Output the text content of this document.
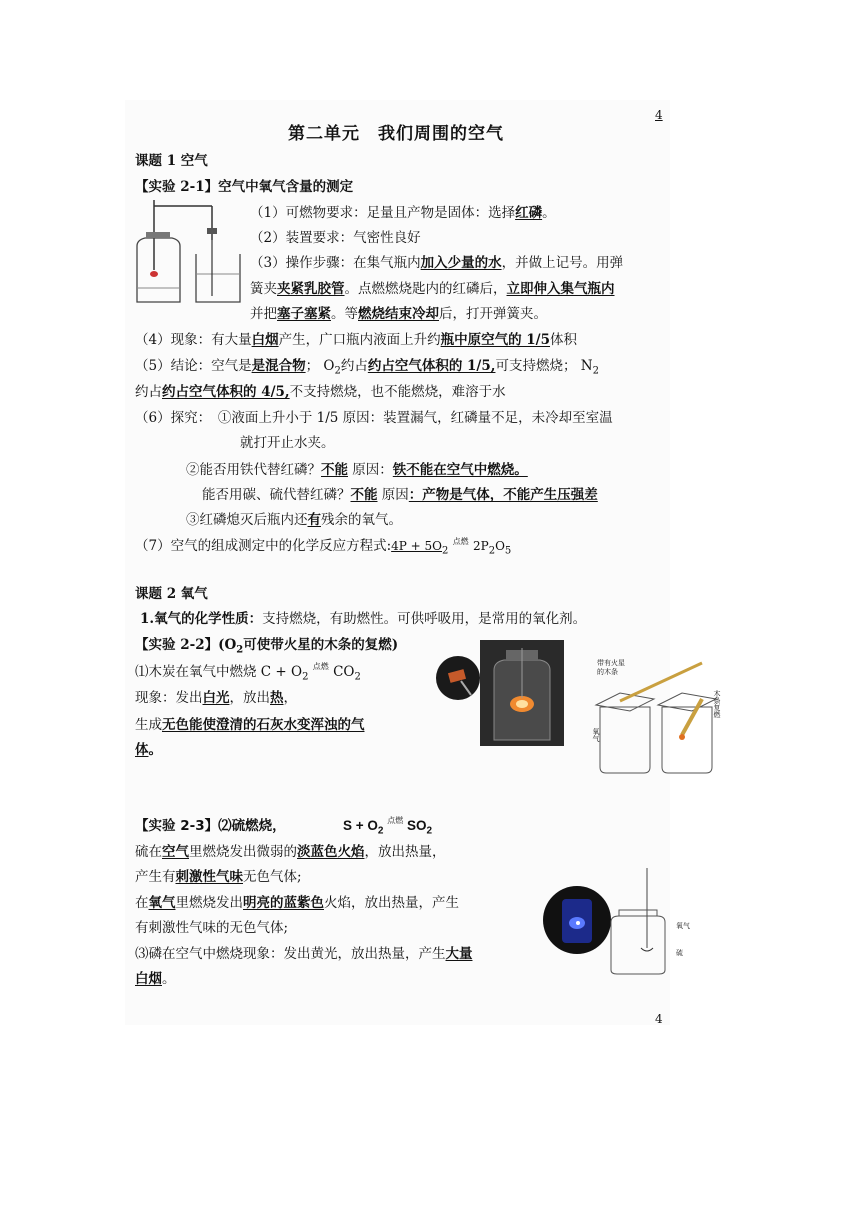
4
第二单元　我们周围的空气
课题 1 空气
【实验 2-1】空气中氧气含量的测定
（1）可燃物要求：足量且产物是固体：选择红磷。
（2）装置要求：气密性良好
（3）操作步骤：在集气瓶内加入少量的水，并做上记号。用弹
簧夹夹紧乳胶管。点燃燃烧匙内的红磷后，立即伸入集气瓶内
并把塞子塞紧。等燃烧结束冷却后，打开弹簧夹。
（4）现象：有大量白烟产生，广口瓶内液面上升约瓶中原空气的 1/5体积
（5）结论：空气是是混合物； $O_2$约占约占空气体积的 1/5,可支持燃烧； $N_2$
约占约占空气体积的 4/5,不支持燃烧，也不能燃烧，难溶于水
（6）探究：　①液面上升小于 1/5 原因：装置漏气，红磷量不足，未冷却至室温
就打开止水夹。
②能否用铁代替红磷？不能 原因：铁不能在空气中燃烧。
能否用碳、硫代替红磷？不能 原因：产物是气体，不能产生压强差
③红磷熄灭后瓶内还有残余的氧气。
（7）空气的组成测定中的化学反应方程式:4P + $5O_2$ 点燃 $2P_2O_5$
课题 2 氧气
1.氧气的化学性质：支持燃烧，有助燃性。可供呼吸用，是常用的氧化剂。
【实验 2-2】($O_2$可使带火星的木条的复燃)
⑴木炭在氧气中燃烧 $C + O_2$ 点燃 $CO_2$
现象：发出白光，放出热，
生成无色能使澄清的石灰水变浑浊的气
体。
带有火星
的木条
木条复燃
氧气
【实验 2-3】⑵硫燃烧，	$S + O_2$ 点燃 $SO_2$
硫在空气里燃烧发出微弱的淡蓝色火焰，放出热量，
产生有刺激性气味无色气体;
在氧气里燃烧发出明亮的蓝紫色火焰，放出热量，产生
有刺激性气味的无色气体;
⑶磷在空气中燃烧现象：发出黄光，放出热量，产生大量
白烟。
氧气
硫
4
